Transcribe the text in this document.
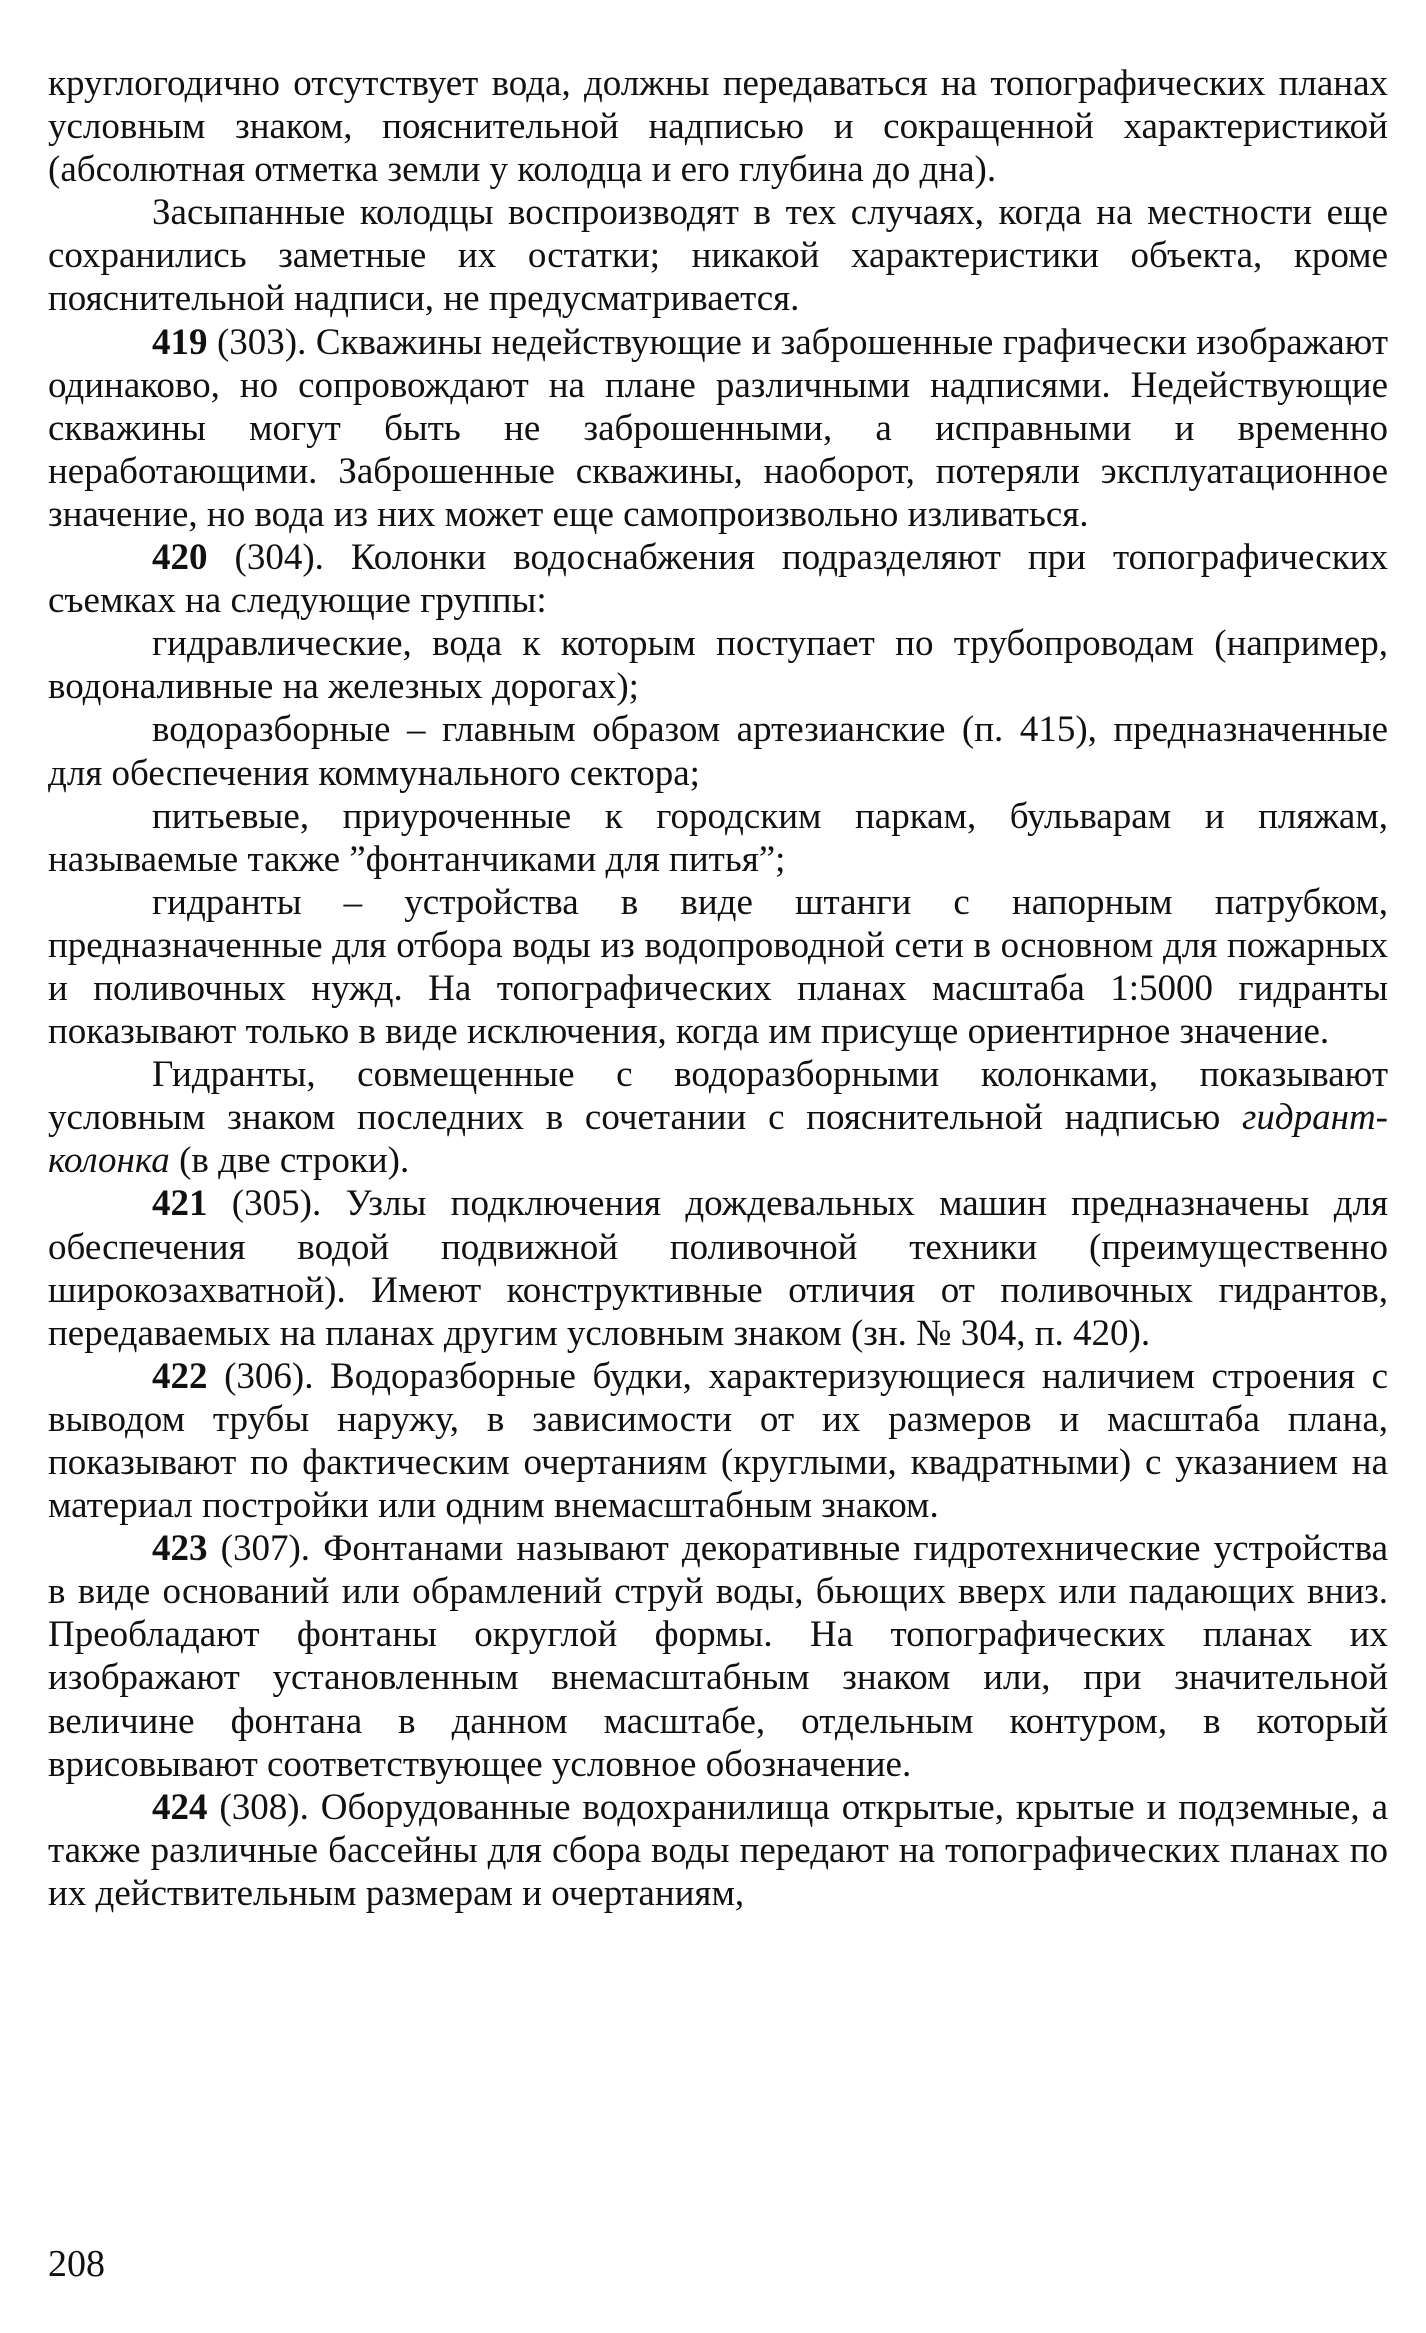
круглогодично отсутствует вода, должны передаваться на топографических планах условным знаком, пояснительной надписью и сокращенной характеристикой (абсолютная отметка земли у колодца и его глубина до дна).

Засыпанные колодцы воспроизводят в тех случаях, когда на местности еще сохранились заметные их остатки; никакой характеристики объекта, кроме пояснительной надписи, не предусматривается.

419 (303). Скважины недействующие и заброшенные графически изображают одинаково, но сопровождают на плане различными надписями. Недействующие скважины могут быть не заброшенными, а исправными и временно неработающими. Заброшенные скважины, наоборот, потеряли эксплуатационное значение, но вода из них может еще самопроизвольно изливаться.

420 (304). Колонки водоснабжения подразделяют при топографических съемках на следующие группы:

гидравлические, вода к которым поступает по трубопроводам (например, водоналивные на железных дорогах);

водоразборные – главным образом артезианские (п. 415), предназначенные для обеспечения коммунального сектора;

питьевые, приуроченные к городским паркам, бульварам и пляжам, называемые также ”фонтанчиками для питья”;

гидранты – устройства в виде штанги с напорным патрубком, предназначенные для отбора воды из водопроводной сети в основном для пожарных и поливочных нужд. На топографических планах масштаба 1:5000 гидранты показывают только в виде исключения, когда им присуще ориентирное значение.

Гидранты, совмещенные с водоразборными колонками, показывают условным знаком последних в сочетании с пояснительной надписью гидрант-колонка (в две строки).

421 (305). Узлы подключения дождевальных машин предназначены для обеспечения водой подвижной поливочной техники (преимущественно широкозахватной). Имеют конструктивные отличия от поливочных гидрантов, передаваемых на планах другим условным знаком (зн. № 304, п. 420).

422 (306). Водоразборные будки, характеризующиеся наличием строения с выводом трубы наружу, в зависимости от их размеров и масштаба плана, показывают по фактическим очертаниям (круглыми, квадратными) с указанием на материал постройки или одним внемасштабным знаком.

423 (307). Фонтанами называют декоративные гидротехнические устройства в виде оснований или обрамлений струй воды, бьющих вверх или падающих вниз. Преобладают фонтаны округлой формы. На топографических планах их изображают установленным внемасштабным знаком или, при значительной величине фонтана в данном масштабе, отдельным контуром, в который врисовывают соответствующее условное обозначение.

424 (308). Оборудованные водохранилища открытые, крытые и подземные, а также различные бассейны для сбора воды передают на топографических планах по их действительным размерам и очертаниям,

208
